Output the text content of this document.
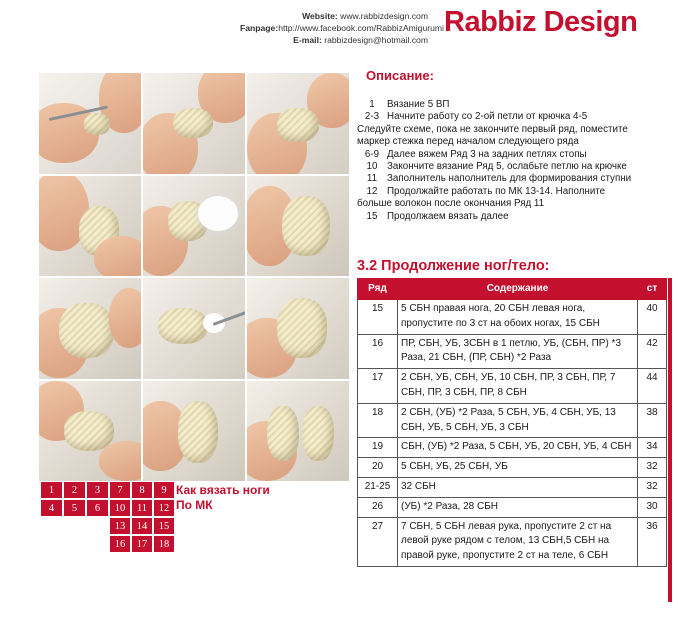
Website: www.rabbizdesign.com
Fanpage:http://www.facebook.com/RabbizAmigurumi
E-mail: rabbizdesign@hotmail.com
Rabbiz Design
1	2	3
4	5	6
7	8	9
10	11	12
13	14	15
16	17	18
Как вязать ноги
По МК
Описание:
1	Вязание 5 ВП
2-3 Начните работу со 2-ой петли от крючка 4-5
Следуйте схеме, пока не закончите первый ряд, поместите маркер стежка перед началом следующего ряда
6-9 Далее вяжем Ряд 3 на задних петлях стопы
10 Закончите вязание Ряд 5, ослабьте петлю на крючке
11	Заполнитель наполнитель для формирования ступни
12 Продолжайте работать по МК 13-14. Наполните
больше волокон после окончания Ряд 11
15 Продолжаем вязать далее
3.2 Продолжение ног/тело:
Ряд	Содержание	ст
15	5 СБН правая нога, 20 СБН левая нога, пропустите по 3 ст на обоих ногах, 15 СБН	40
16	ПР, СБН, УБ, 3СБН в 1 петлю, УБ, (СБН, ПР) *3 Раза, 21 СБН, (ПР, СБН) *2 Раза	42
17	2 СБН, УБ, СБН, УБ, 10 СБН, ПР, 3 СБН, ПР, 7 СБН, ПР, 3 СБН, ПР, 8 СБН	44
18	2 СБН, (УБ) *2 Раза, 5 СБН, УБ, 4 СБН, УБ, 13 СБН, УБ, 5 СБН, УБ, 3 СБН	38
19	СБН, (УБ) *2 Раза, 5 СБН, УБ, 20 СБН, УБ, 4 СБН	34
20	5 СБН, УБ, 25 СБН, УБ	32
21-25	32 СБН	32
26	(УБ) *2 Раза, 28 СБН	30
27	7 СБН, 5 СБН левая рука, пропустите 2 ст на левой руке рядом с телом, 13 СБН,5 СБН на правой руке, пропустите 2 ст на теле, 6 СБН	36
